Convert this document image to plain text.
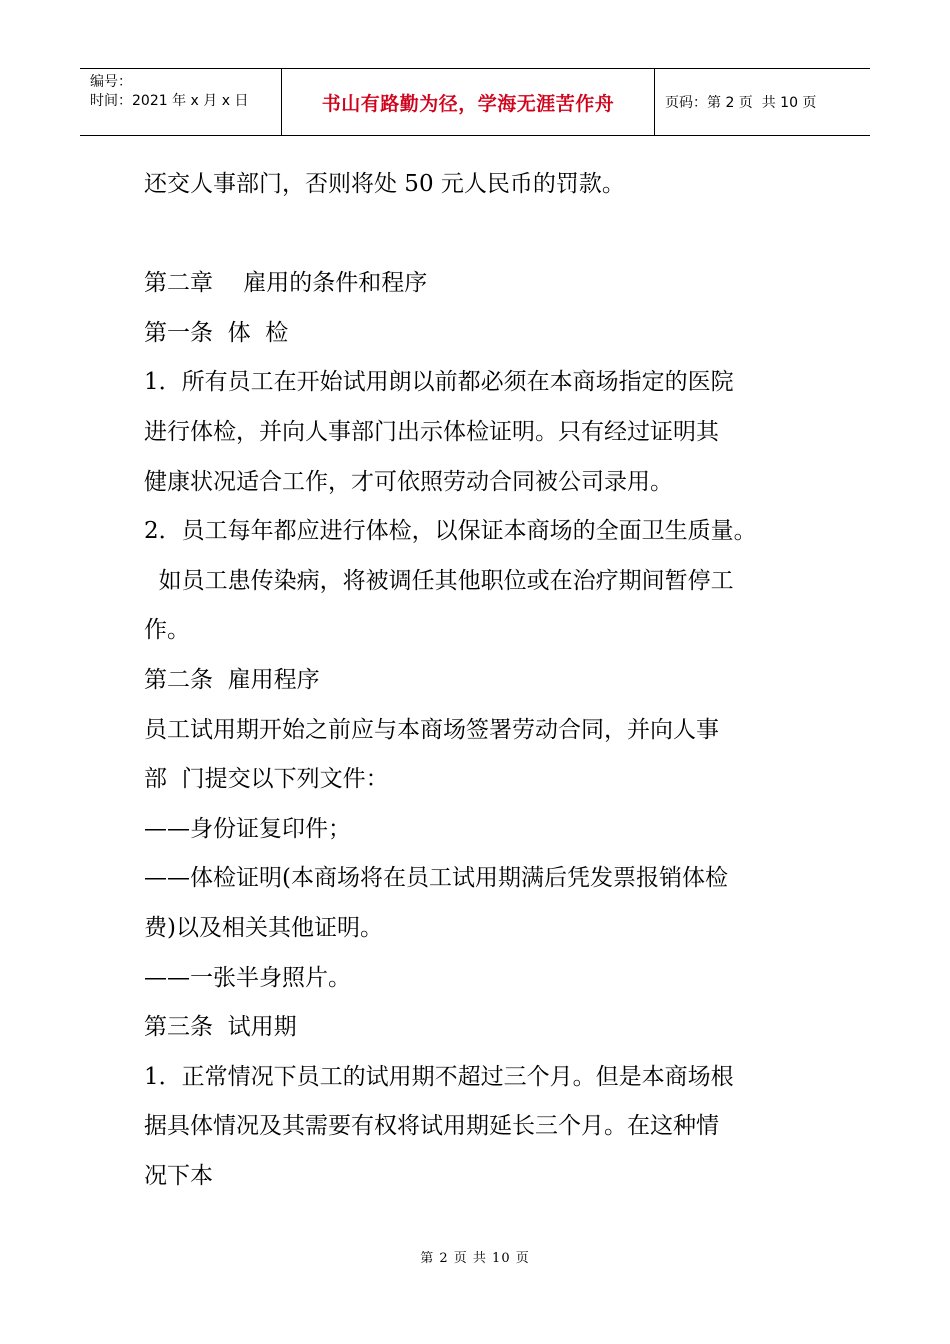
编号：
时间：2021 年 x 月 x 日	书山有路勤为径，学海无涯苦作舟	页码：第 2 页  共 10 页

还交人事部门，否则将处 50 元人民币的罚款。

第二章　 雇用的条件和程序

第一条  体  检

1．所有员工在开始试用朗以前都必须在本商场指定的医院

进行体检，并向人事部门出示体检证明。只有经过证明其

健康状况适合工作，才可依照劳动合同被公司录用。

2．员工每年都应进行体检，以保证本商场的全面卫生质量。

如员工患传染病，将被调任其他职位或在治疗期间暂停工

作。

第二条  雇用程序

员工试用期开始之前应与本商场签署劳动合同，并向人事

部  门提交以下列文件：

——身份证复印件；

——体检证明(本商场将在员工试用期满后凭发票报销体检

费)以及相关其他证明。

——一张半身照片。

第三条  试用期

1．正常情况下员工的试用期不超过三个月。但是本商场根

据具体情况及其需要有权将试用期延长三个月。在这种情

况下本

第 2 页 共 10 页
